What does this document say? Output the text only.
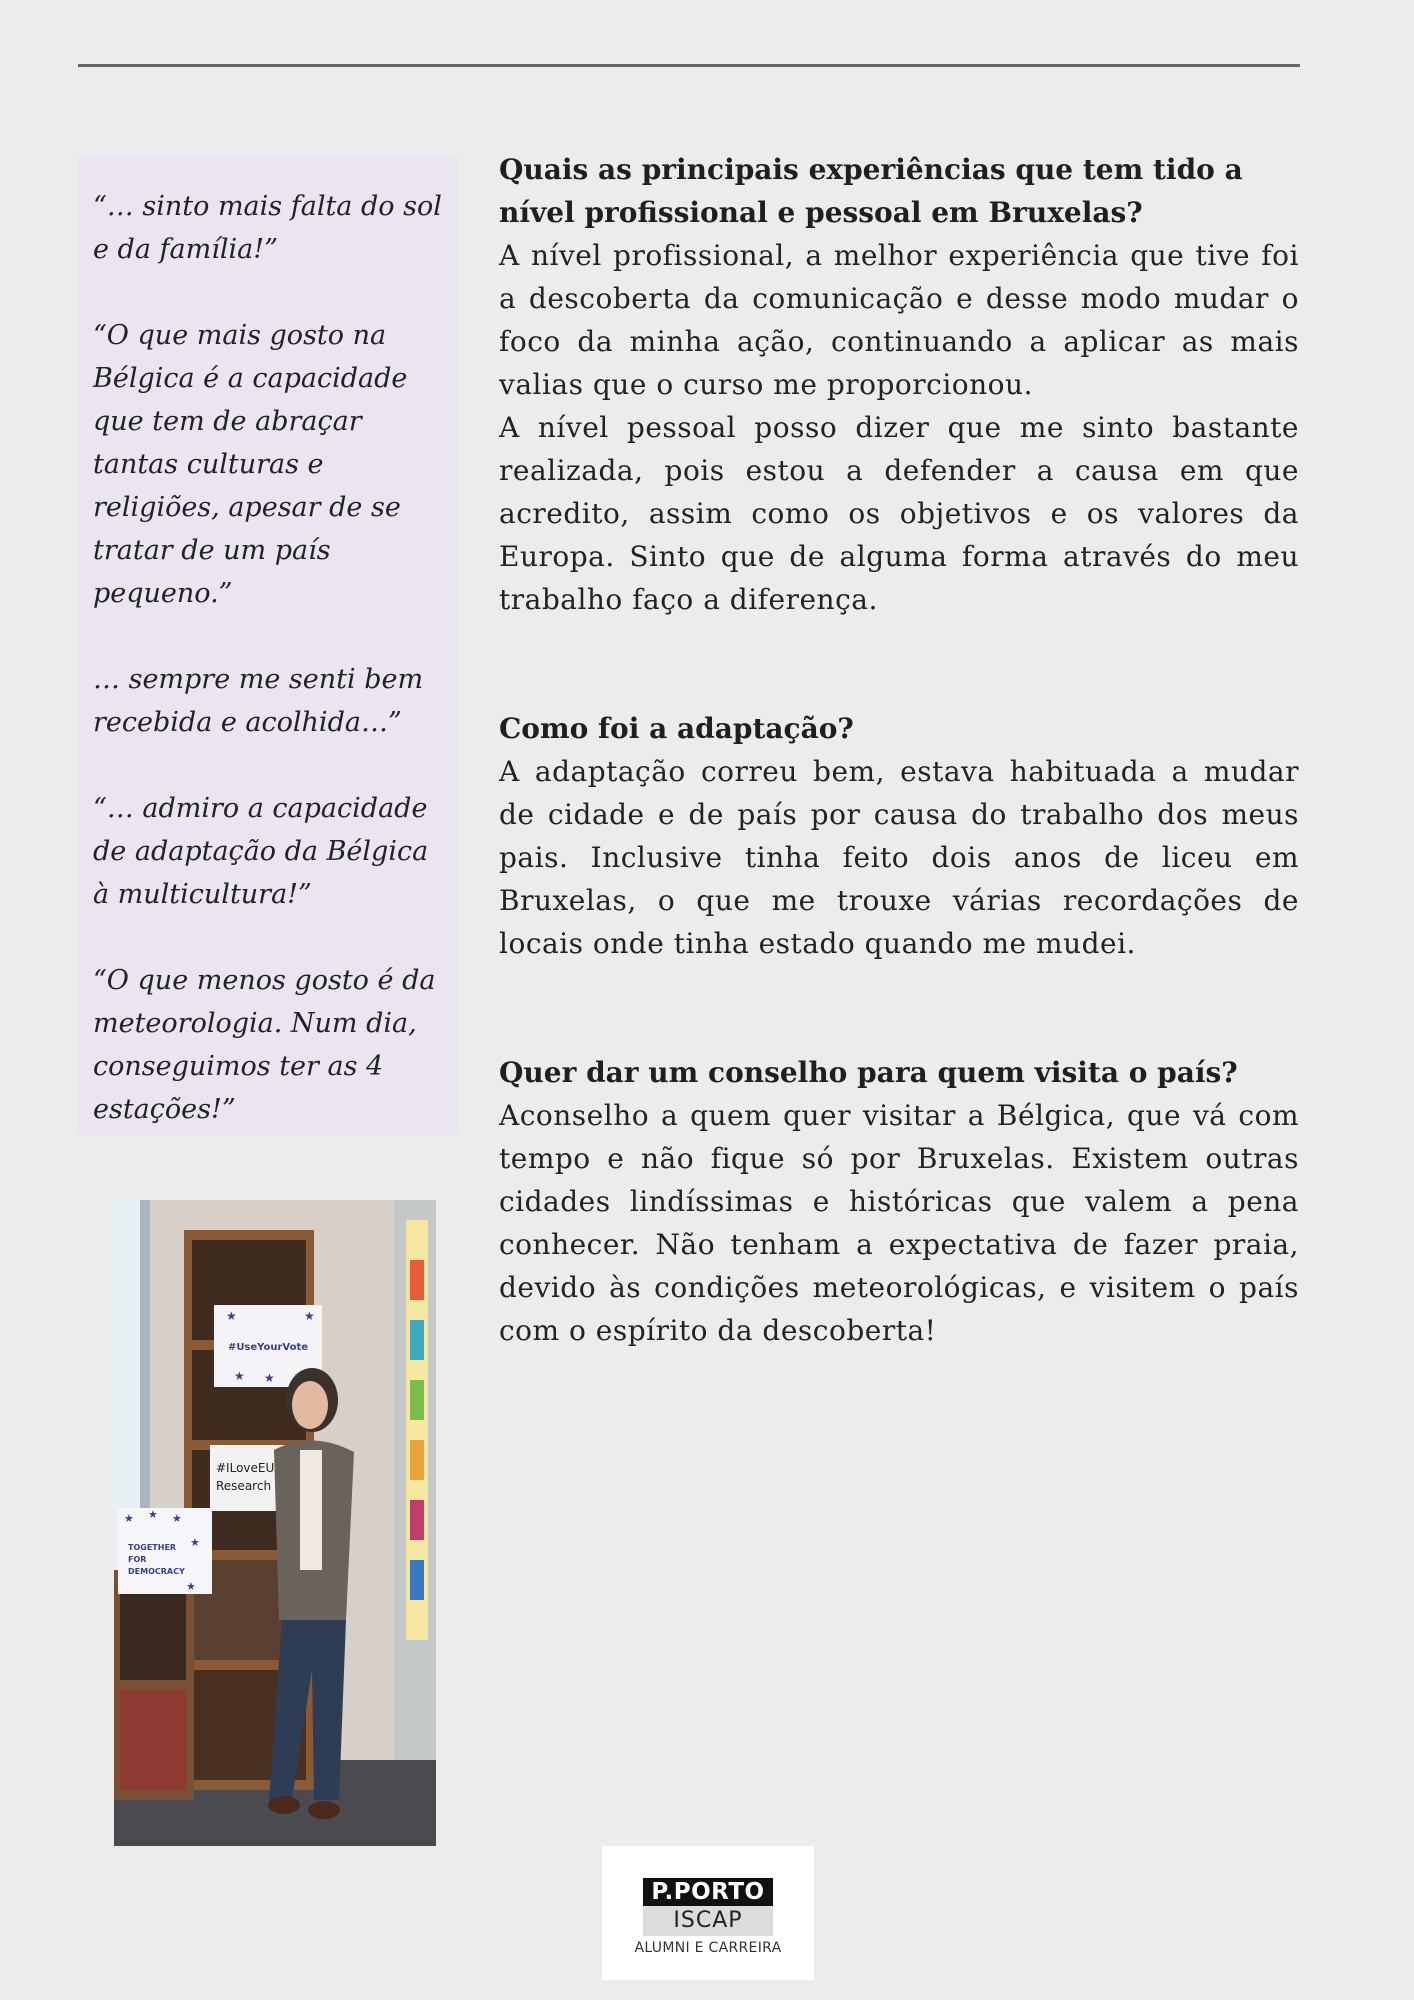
“… sinto mais falta do sol e da família!”

“O que mais gosto na Bélgica é a capacidade que tem de abraçar tantas culturas e religiões, apesar de se tratar de um país pequeno.”

… sempre me senti bem recebida e acolhida…”

“… admiro a capacidade de adaptação da Bélgica à multicultura!”

“O que menos gosto é da meteorologia. Num dia, conseguimos ter as 4 estações!”

#UseYourVote
★	★
★ ★
#ILoveEU
Research
TOGETHER
FOR
DEMOCRACY
★ ★ ★
★
★
Quais as principais experiências que tem tido a nível profissional e pessoal em Bruxelas?

A nível profissional, a melhor experiência que tive foi a descoberta da comunicação e desse modo mudar o foco da minha ação, continuando a aplicar as mais valias que o curso me proporcionou.

A nível pessoal posso dizer que me sinto bastante realizada, pois estou a defender a causa em que acredito, assim como os objetivos e os valores da Europa. Sinto que de alguma forma através do meu trabalho faço a diferença.

Como foi a adaptação?

A adaptação correu bem, estava habituada a mudar de cidade e de país por causa do trabalho dos meus pais. Inclusive tinha feito dois anos de liceu em Bruxelas, o que me trouxe várias recordações de locais onde tinha estado quando me mudei.

Quer dar um conselho para quem visita o país?

Aconselho a quem quer visitar a Bélgica, que vá com tempo e não fique só por Bruxelas. Existem outras cidades lindíssimas e históricas que valem a pena conhecer. Não tenham a expectativa de fazer praia, devido às condições meteorológicas, e visitem o país com o espírito da descoberta!

P.PORTO
ISCAP
ALUMNI E CARREIRA
